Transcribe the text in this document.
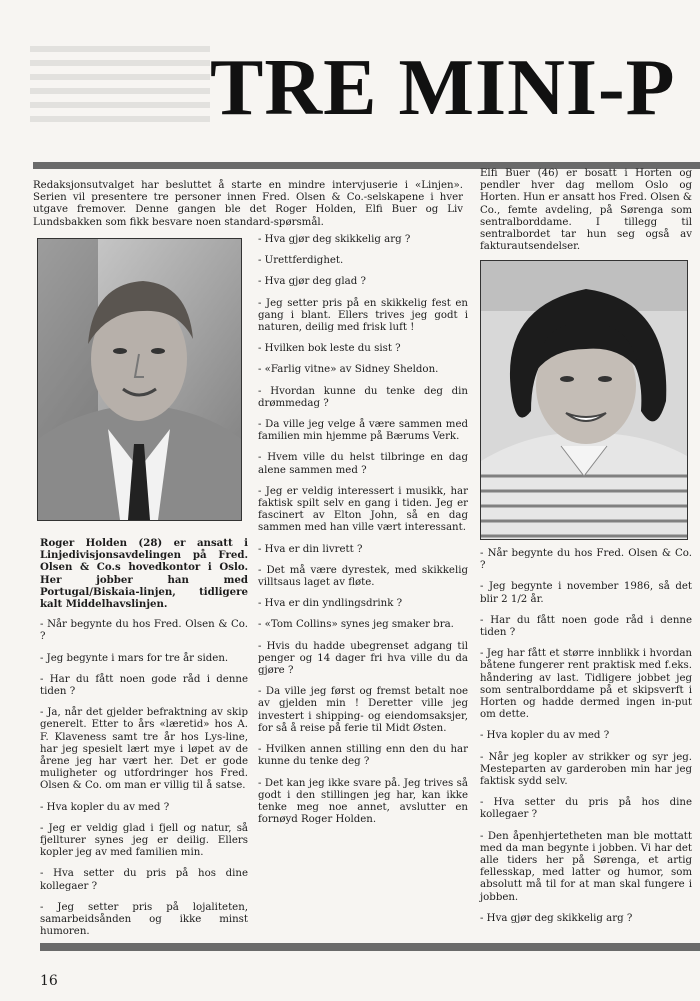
TRE MINI-P

Redaksjonsutvalget har besluttet å starte en mindre intervjuserie i «Linjen». Serien vil presentere tre personer innen Fred. Olsen & Co.-selskapene i hver utgave fremover. Denne gangen ble det Roger Holden, Elfi Buer og Liv Lundsbakken som fikk besvare noen standard-spørsmål.

Roger Holden (28) er ansatt i Linjedivisjonsavdelingen på Fred. Olsen & Co.s hovedkontor i Oslo. Her jobber han med Portugal/Biskaia-linjen, tidligere kalt Middelhavslinjen.

- Når begynte du hos Fred. Olsen & Co. ?

- Jeg begynte i mars for tre år siden.

- Har du fått noen gode råd i denne tiden ?

- Ja, når det gjelder befraktning av skip generelt. Etter to års «læretid» hos A. F. Klaveness samt tre år hos Lys-line, har jeg spesielt lært mye i løpet av de årene jeg har vært her. Det er gode muligheter og utfordringer hos Fred. Olsen & Co. om man er villig til å satse.

- Hva kopler du av med ?

- Jeg er veldig glad i fjell og natur, så fjellturer synes jeg er deilig. Ellers kopler jeg av med familien min.

- Hva setter du pris på hos dine kollegaer ?

- Jeg setter pris på lojaliteten, samarbeidsånden og ikke minst humoren.

- Hva gjør deg skikkelig arg ?

- Urettferdighet.

- Hva gjør deg glad ?

- Jeg setter pris på en skikkelig fest en gang i blant. Ellers trives jeg godt i naturen, deilig med frisk luft !

- Hvilken bok leste du sist ?

- «Farlig vitne» av Sidney Sheldon.

- Hvordan kunne du tenke deg din drømmedag ?

- Da ville jeg velge å være sammen med familien min hjemme på Bærums Verk.

- Hvem ville du helst tilbringe en dag alene sammen med ?

- Jeg er veldig interessert i musikk, har faktisk spilt selv en gang i tiden. Jeg er fascinert av Elton John, så en dag sammen med han ville vært interessant.

- Hva er din livrett ?

- Det må være dyrestek, med skikkelig villtsaus laget av fløte.

- Hva er din yndlingsdrink ?

- «Tom Collins» synes jeg smaker bra.

- Hvis du hadde ubegrenset adgang til penger og 14 dager fri hva ville du da gjøre ?

- Da ville jeg først og fremst betalt noe av gjelden min ! Deretter ville jeg investert i shipping- og eiendomsaksjer, for så å reise på ferie til Midt Østen.

- Hvilken annen stilling enn den du har kunne du tenke deg ?

- Det kan jeg ikke svare på. Jeg trives så godt i den stillingen jeg har, kan ikke tenke meg noe annet, avslutter en fornøyd Roger Holden.

Elfi Buer (46) er bosatt i Horten og pendler hver dag mellom Oslo og Horten. Hun er ansatt hos Fred. Olsen & Co., femte avdeling, på Sørenga som sentralborddame. I tillegg til sentralbordet tar hun seg også av fakturautsendelser.

- Når begynte du hos Fred. Olsen & Co. ?

- Jeg begynte i november 1986, så det blir 2 1/2 år.

- Har du fått noen gode råd i denne tiden ?

- Jeg har fått et større innblikk i hvordan båtene fungerer rent praktisk med f.eks. håndering av last. Tidligere jobbet jeg som sentralborddame på et skipsverft i Horten og hadde dermed ingen in-put om dette.

- Hva kopler du av med ?

- Når jeg kopler av strikker og syr jeg. Mesteparten av garderoben min har jeg faktisk sydd selv.

- Hva setter du pris på hos dine kollegaer ?

- Den åpenhjertetheten man ble mottatt med da man begynte i jobben. Vi har det alle tiders her på Sørenga, et artig fellesskap, med latter og humor, som absolutt må til for at man skal fungere i jobben.

- Hva gjør deg skikkelig arg ?

16
